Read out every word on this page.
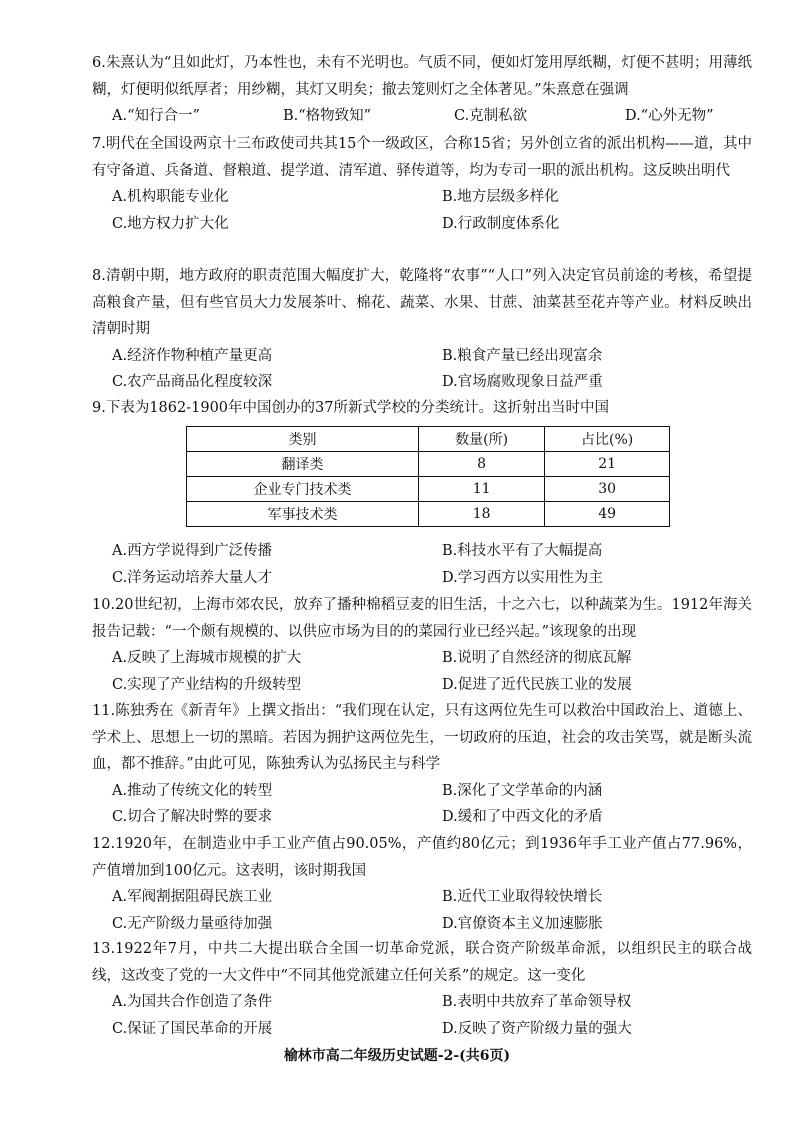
6.朱熹认为“且如此灯，乃本性也，未有不光明也。气质不同，便如灯笼用厚纸糊，灯便不甚明；用薄纸糊，灯便明似纸厚者；用纱糊，其灯又明矣；撤去笼则灯之全体著见。”朱熹意在强调
A.“知行合一”	B.“格物致知”	C.克制私欲	D.“心外无物”
7.明代在全国设两京十三布政使司共其15个一级政区，合称15省；另外创立省的派出机构——道，其中有守备道、兵备道、督粮道、提学道、清军道、驿传道等，均为专司一职的派出机构。这反映出明代
A.机构职能专业化	B.地方层级多样化
C.地方权力扩大化	D.行政制度体系化
8.清朝中期，地方政府的职责范围大幅度扩大，乾隆将“农事”“人口”列入决定官员前途的考核，希望提高粮食产量，但有些官员大力发展茶叶、棉花、蔬菜、水果、甘蔗、油菜甚至花卉等产业。材料反映出清朝时期
A.经济作物种植产量更高	B.粮食产量已经出现富余
C.农产品商品化程度较深	D.官场腐败现象日益严重
9.下表为1862-1900年中国创办的37所新式学校的分类统计。这折射出当时中国
类别	数量(所)	占比(%)
翻译类	8	21
企业专门技术类	11	30
军事技术类	18	49
A.西方学说得到广泛传播	B.科技水平有了大幅提高
C.洋务运动培养大量人才	D.学习西方以实用性为主
10.20世纪初，上海市郊农民，放弃了播种棉稻豆麦的旧生活，十之六七，以种蔬菜为生。1912年海关报告记载：“一个颇有规模的、以供应市场为目的的菜园行业已经兴起。”该现象的出现
A.反映了上海城市规模的扩大	B.说明了自然经济的彻底瓦解
C.实现了产业结构的升级转型	D.促进了近代民族工业的发展
11.陈独秀在《新青年》上撰文指出：“我们现在认定，只有这两位先生可以救治中国政治上、道德上、学术上、思想上一切的黑暗。若因为拥护这两位先生，一切政府的压迫，社会的攻击笑骂，就是断头流血，都不推辞。”由此可见，陈独秀认为弘扬民主与科学
A.推动了传统文化的转型	B.深化了文学革命的内涵
C.切合了解决时弊的要求	D.缓和了中西文化的矛盾
12.1920年，在制造业中手工业产值占90.05%，产值约80亿元；到1936年手工业产值占77.96%，产值增加到100亿元。这表明，该时期我国
A.军阀割据阻碍民族工业	B.近代工业取得较快增长
C.无产阶级力量亟待加强	D.官僚资本主义加速膨胀
13.1922年7月，中共二大提出联合全国一切革命党派，联合资产阶级革命派，以组织民主的联合战线，这改变了党的一大文件中“不同其他党派建立任何关系”的规定。这一变化
A.为国共合作创造了条件	B.表明中共放弃了革命领导权
C.保证了国民革命的开展	D.反映了资产阶级力量的强大
榆林市高二年级历史试题-2-(共6页)
